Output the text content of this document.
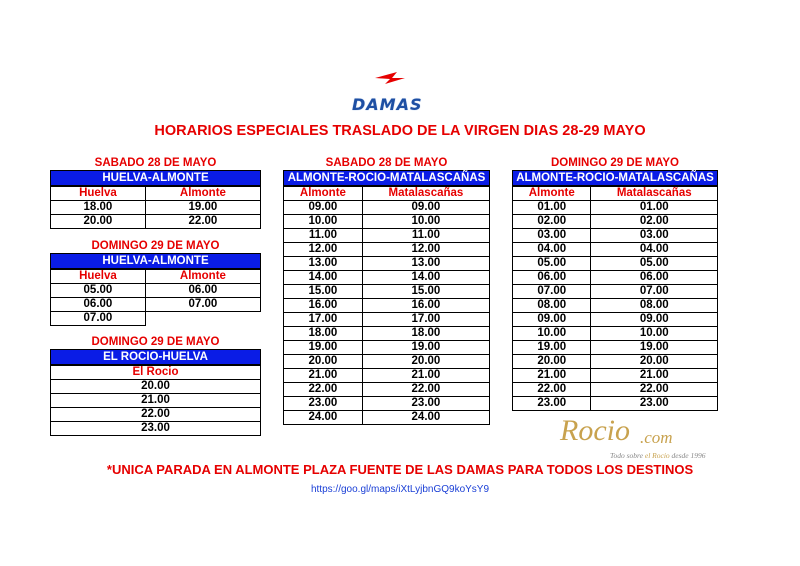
DAMAS
HORARIOS ESPECIALES TRASLADO DE LA VIRGEN DIAS 28-29 MAYO
SABADO 28 DE MAYO
HUELVA-ALMONTE
Huelva	Almonte
18.00	19.00
20.00	22.00
DOMINGO 29 DE MAYO
HUELVA-ALMONTE
Huelva	Almonte
05.00	06.00
06.00	07.00
07.00	
DOMINGO 29 DE MAYO
EL ROCIO-HUELVA
El Rocio
20.00
21.00
22.00
23.00
SABADO 28 DE MAYO
ALMONTE-ROCIO-MATALASCAÑAS
Almonte	Matalascañas
09.00	09.00
10.00	10.00
11.00	11.00
12.00	12.00
13.00	13.00
14.00	14.00
15.00	15.00
16.00	16.00
17.00	17.00
18.00	18.00
19.00	19.00
20.00	20.00
21.00	21.00
22.00	22.00
23.00	23.00
24.00	24.00
DOMINGO 29 DE MAYO
ALMONTE-ROCIO-MATALASCAÑAS
Almonte	Matalascañas
01.00	01.00
02.00	02.00
03.00	03.00
04.00	04.00
05.00	05.00
06.00	06.00
07.00	07.00
08.00	08.00
09.00	09.00
10.00	10.00
19.00	19.00
20.00	20.00
21.00	21.00
22.00	22.00
23.00	23.00
Rocio .com
Todo sobre el Rocio desde 1996
*UNICA PARADA EN ALMONTE PLAZA FUENTE DE LAS DAMAS PARA TODOS LOS DESTINOS
https://goo.gl/maps/iXtLyjbnGQ9koYsY9
